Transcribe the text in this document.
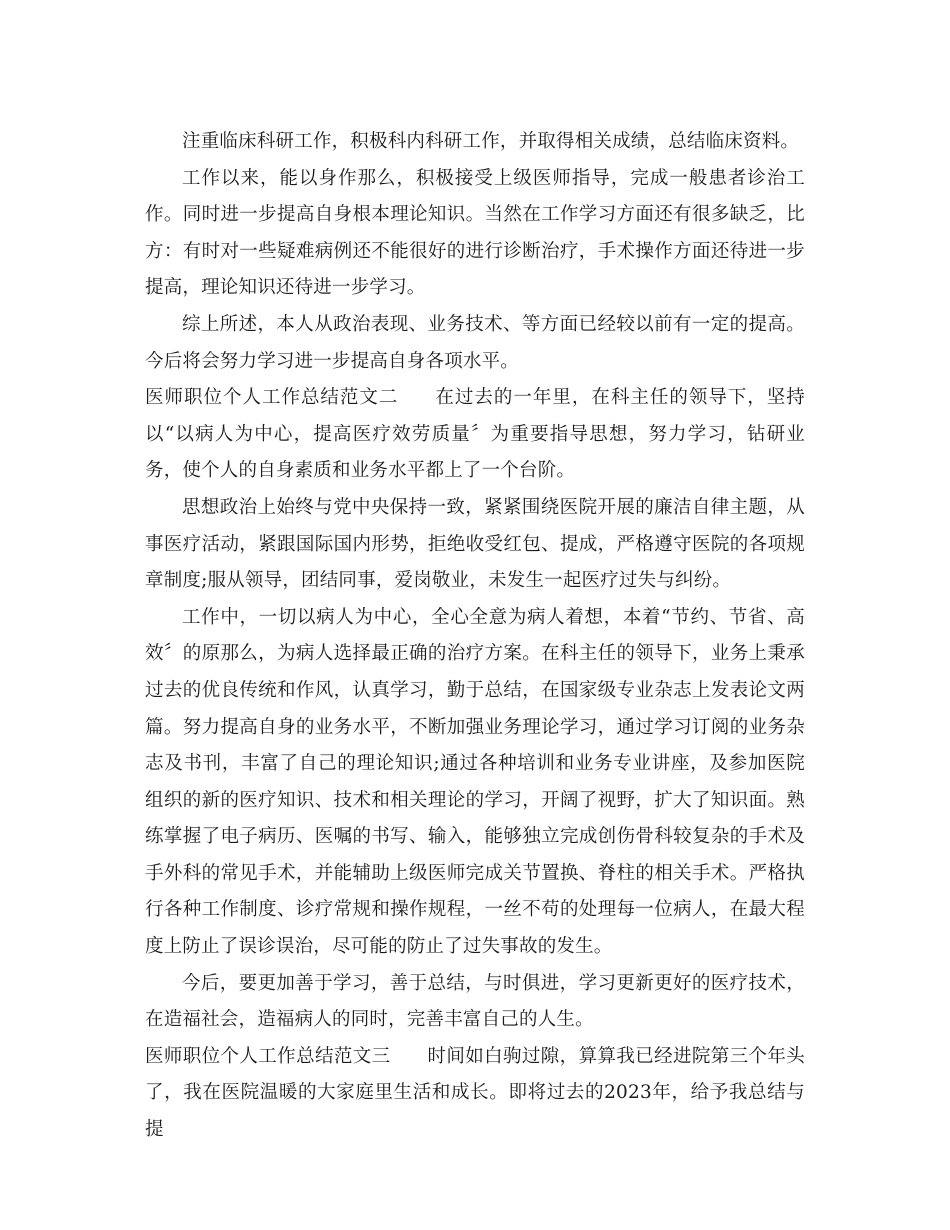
注重临床科研工作，积极科内科研工作，并取得相关成绩，总结临床资料。

工作以来，能以身作那么，积极接受上级医师指导，完成一般患者诊治工作。同时进一步提高自身根本理论知识。当然在工作学习方面还有很多缺乏，比方：有时对一些疑难病例还不能很好的进行诊断治疗，手术操作方面还待进一步提高，理论知识还待进一步学习。

综上所述，本人从政治表现、业务技术、等方面已经较以前有一定的提高。今后将会努力学习进一步提高自身各项水平。

医师职位个人工作总结范文二 在过去的一年里，在科主任的领导下，坚持以“以病人为中心，提高医疗效劳质量〞为重要指导思想，努力学习，钻研业务，使个人的自身素质和业务水平都上了一个台阶。

思想政治上始终与党中央保持一致，紧紧围绕医院开展的廉洁自律主题，从事医疗活动，紧跟国际国内形势，拒绝收受红包、提成，严格遵守医院的各项规章制度;服从领导，团结同事，爱岗敬业，未发生一起医疗过失与纠纷。

工作中，一切以病人为中心，全心全意为病人着想，本着“节约、节省、高效〞的原那么，为病人选择最正确的治疗方案。在科主任的领导下，业务上秉承过去的优良传统和作风，认真学习，勤于总结，在国家级专业杂志上发表论文两篇。努力提高自身的业务水平，不断加强业务理论学习，通过学习订阅的业务杂志及书刊，丰富了自己的理论知识;通过各种培训和业务专业讲座，及参加医院组织的新的医疗知识、技术和相关理论的学习，开阔了视野，扩大了知识面。熟练掌握了电子病历、医嘱的书写、输入，能够独立完成创伤骨科较复杂的手术及手外科的常见手术，并能辅助上级医师完成关节置换、脊柱的相关手术。严格执行各种工作制度、诊疗常规和操作规程，一丝不苟的处理每一位病人，在最大程度上防止了误诊误治，尽可能的防止了过失事故的发生。

今后，要更加善于学习，善于总结，与时俱进，学习更新更好的医疗技术，在造福社会，造福病人的同时，完善丰富自己的人生。

医师职位个人工作总结范文三 时间如白驹过隙，算算我已经进院第三个年头了，我在医院温暖的大家庭里生活和成长。即将过去的2023年，给予我总结与提
